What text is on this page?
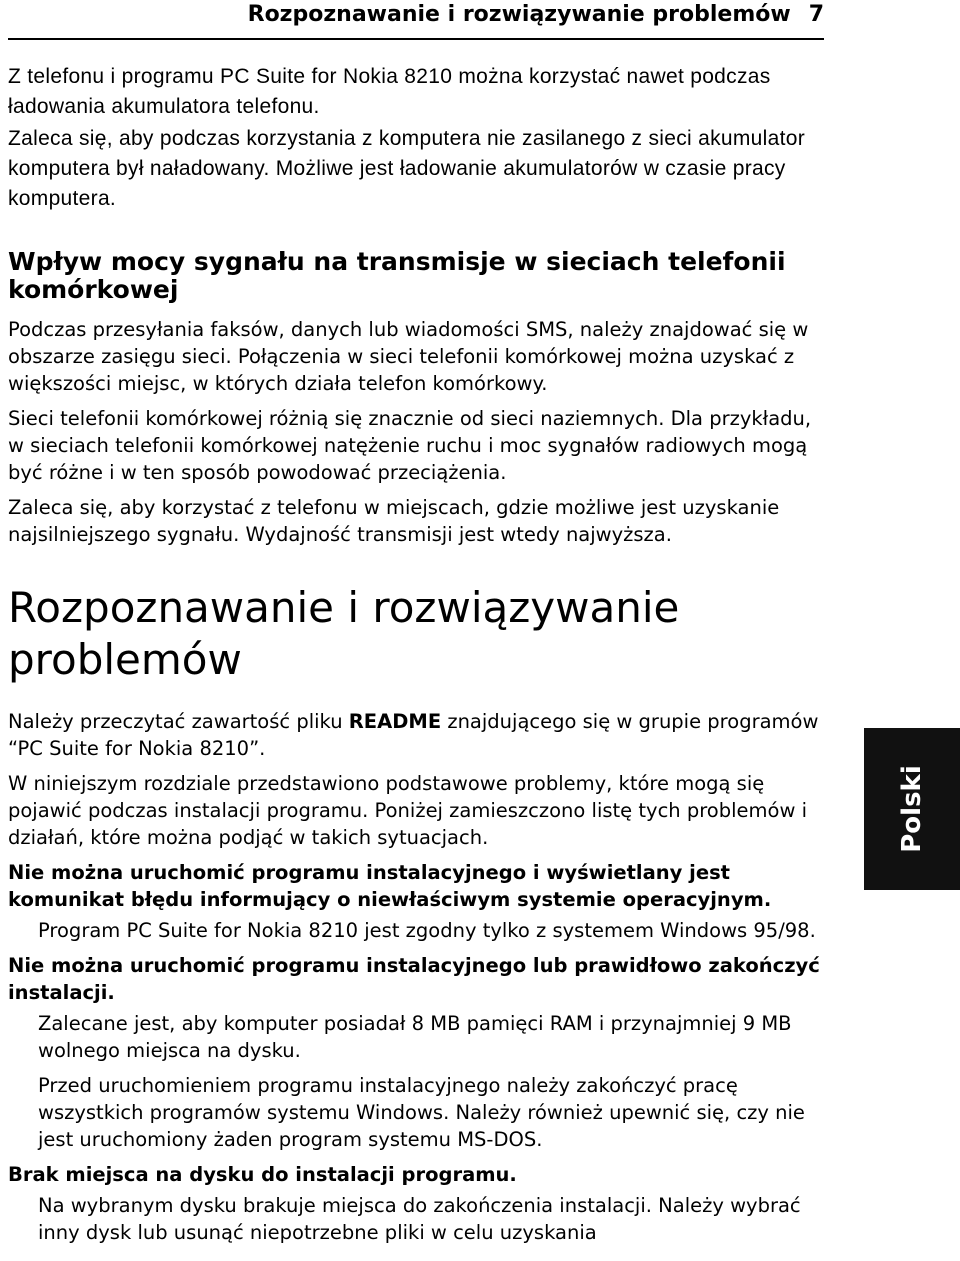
Rozpoznawanie i rozwiązywanie problemów 7

Z telefonu i programu PC Suite for Nokia 8210 można korzystać nawet podczas ładowania akumulatora telefonu.

Zaleca się, aby podczas korzystania z komputera nie zasilanego z sieci akumulator komputera był naładowany. Możliwe jest ładowanie akumulatorów w czasie pracy komputera.

Wpływ mocy sygnału na transmisje w sieciach telefonii komórkowej

Podczas przesyłania faksów, danych lub wiadomości SMS, należy znajdować się w obszarze zasięgu sieci. Połączenia w sieci telefonii komórkowej można uzyskać z większości miejsc, w których działa telefon komórkowy.

Sieci telefonii komórkowej różnią się znacznie od sieci naziemnych. Dla przykładu, w sieciach telefonii komórkowej natężenie ruchu i moc sygnałów radiowych mogą być różne i w ten sposób powodować przeciążenia.

Zaleca się, aby korzystać z telefonu w miejscach, gdzie możliwe jest uzyskanie najsilniejszego sygnału. Wydajność transmisji jest wtedy najwyższa.

Rozpoznawanie i rozwiązywanie problemów

Należy przeczytać zawartość pliku README znajdującego się w grupie programów “PC Suite for Nokia 8210”.

W niniejszym rozdziale przedstawiono podstawowe problemy, które mogą się pojawić podczas instalacji programu. Poniżej zamieszczono listę tych problemów i działań, które można podjąć w takich sytuacjach.

Nie można uruchomić programu instalacyjnego i wyświetlany jest komunikat błędu informujący o niewłaściwym systemie operacyjnym.

Program PC Suite for Nokia 8210 jest zgodny tylko z systemem Windows 95/98.

Nie można uruchomić programu instalacyjnego lub prawidłowo zakończyć instalacji.

Zalecane jest, aby komputer posiadał 8 MB pamięci RAM i przynajmniej 9 MB wolnego miejsca na dysku.

Przed uruchomieniem programu instalacyjnego należy zakończyć pracę wszystkich programów systemu Windows. Należy również upewnić się, czy nie jest uruchomiony żaden program systemu MS-DOS.

Brak miejsca na dysku do instalacji programu.

Na wybranym dysku brakuje miejsca do zakończenia instalacji. Należy wybrać inny dysk lub usunąć niepotrzebne pliki w celu uzyskania

Polski
